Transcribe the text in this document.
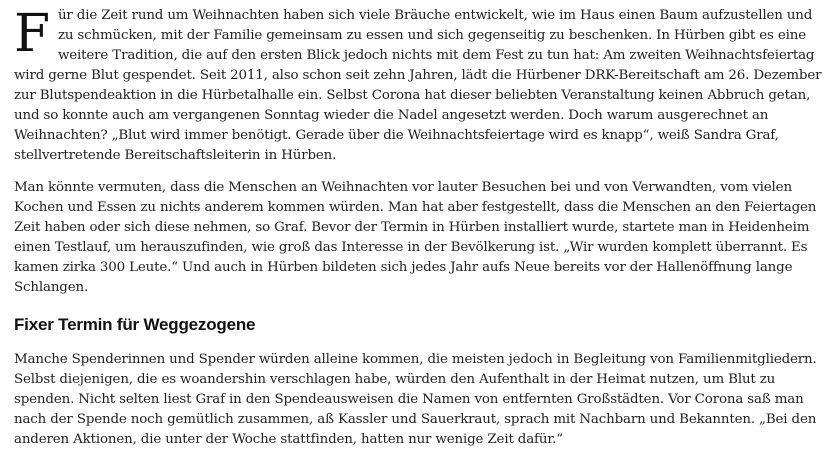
Für die Zeit rund um Weihnachten haben sich viele Bräuche entwickelt, wie im Haus einen Baum aufzustellen und zu schmücken, mit der Familie gemeinsam zu essen und sich gegenseitig zu beschenken. In Hürben gibt es eine weitere Tradition, die auf den ersten Blick jedoch nichts mit dem Fest zu tun hat: Am zweiten Weihnachtsfeiertag wird gerne Blut gespendet. Seit 2011, also schon seit zehn Jahren, lädt die Hürbener DRK-Bereitschaft am 26. Dezember zur Blutspendeaktion in die Hürbetalhalle ein. Selbst Corona hat dieser beliebten Veranstaltung keinen Abbruch getan, und so konnte auch am vergangenen Sonntag wieder die Nadel angesetzt werden. Doch warum ausgerechnet an Weihnachten? „Blut wird immer benötigt. Gerade über die Weihnachtsfeiertage wird es knapp“, weiß Sandra Graf, stellvertretende Bereitschaftsleiterin in Hürben.

Man könnte vermuten, dass die Menschen an Weihnachten vor lauter Besuchen bei und von Verwandten, vom vielen Kochen und Essen zu nichts anderem kommen würden. Man hat aber festgestellt, dass die Menschen an den Feiertagen Zeit haben oder sich diese nehmen, so Graf. Bevor der Termin in Hürben installiert wurde, startete man in Heidenheim einen Testlauf, um herauszufinden, wie groß das Interesse in der Bevölkerung ist. „Wir wurden komplett überrannt. Es kamen zirka 300 Leute.“ Und auch in Hürben bildeten sich jedes Jahr aufs Neue bereits vor der Hallenöffnung lange Schlangen.

Fixer Termin für Weggezogene

Manche Spenderinnen und Spender würden alleine kommen, die meisten jedoch in Begleitung von Familienmitgliedern. Selbst diejenigen, die es woandershin verschlagen habe, würden den Aufenthalt in der Heimat nutzen, um Blut zu spenden. Nicht selten liest Graf in den Spendeausweisen die Namen von entfernten Großstädten. Vor Corona saß man nach der Spende noch gemütlich zusammen, aß Kassler und Sauerkraut, sprach mit Nachbarn und Bekannten. „Bei den anderen Aktionen, die unter der Woche stattfinden, hatten nur wenige Zeit dafür.“
